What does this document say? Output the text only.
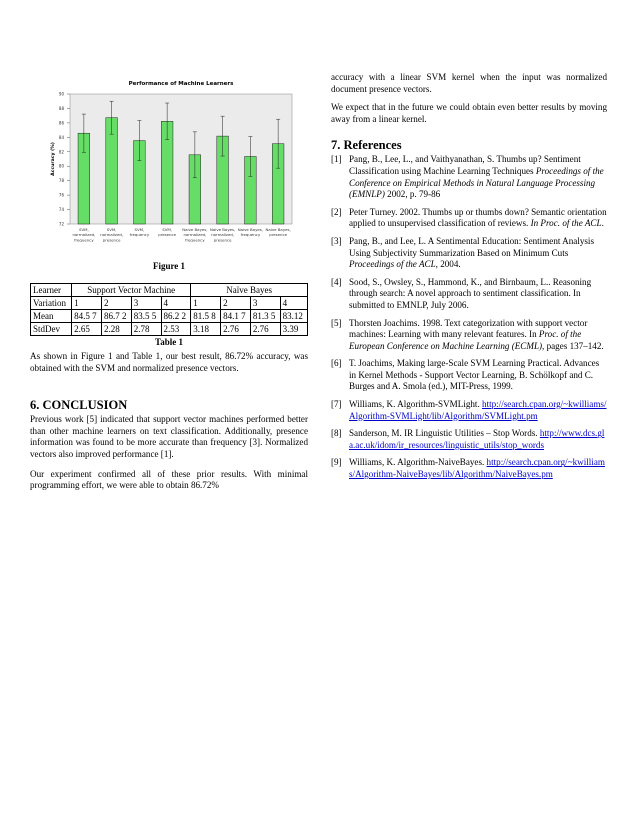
Performance of Machine Learners
72
74
76
78
80
82
84
86
88
90
Accuracy (%)
SVM,
normalized,
frequency
SVM,
normalized,
presence
SVM,
frequency
SVM,
presence
Naive Bayes,
normalized,
frequency
Naive Bayes,
normalized,
presence
Naive Bayes,
frequency
Naive Bayes,
presence
Figure 1
Learner	Support Vector Machine				Naïve Bayes			
Variation	1	2	3	4	1	2	3	4
Mean	84.5 7	86.7 2	83.5 5	86.2 2	81.5 8	84.1 7	81.3 5	83.12
StdDev	2.65	2.28	2.78	2.53	3.18	2.76	2.76	3.39
Table 1

As shown in Figure 1 and Table 1, our best result, 86.72% accuracy, was obtained with the SVM and normalized presence vectors.

6. CONCLUSION

Previous work [5] indicated that support vector machines performed better than other machine learners on text classification. Additionally, presence information was found to be more accurate than frequency [3]. Normalized vectors also improved performance [1].

Our experiment confirmed all of these prior results. With minimal programming effort, we were able to obtain 86.72%

accuracy with a linear SVM kernel when the input was normalized document presence vectors.

We expect that in the future we could obtain even better results by moving away from a linear kernel.

7. References
[1] Pang, B., Lee, L., and Vaithyanathan, S. Thumbs up? Sentiment Classification using Machine Learning Techniques Proceedings of the Conference on Empirical Methods in Natural Language Processing (EMNLP) 2002, p. 79-86
[2] Peter Turney. 2002. Thumbs up or thumbs down? Semantic orientation applied to unsupervised classification of reviews. In Proc. of the ACL.
[3] Pang, B., and Lee, L. A Sentimental Education: Sentiment Analysis Using Subjectivity Summarization Based on Minimum Cuts Proceedings of the ACL, 2004.
[4] Sood, S., Owsley, S., Hammond, K., and Birnbaum, L.. Reasoning through search: A novel approach to sentiment classification. In submitted to EMNLP, July 2006.
[5] Thorsten Joachims. 1998. Text categorization with support vector machines: Learning with many relevant features. In Proc. of the European Conference on Machine Learning (ECML), pages 137–142.
[6] T. Joachims, Making large-Scale SVM Learning Practical. Advances in Kernel Methods - Support Vector Learning, B. Schölkopf and C. Burges and A. Smola (ed.), MIT-Press, 1999.
[7] Williams, K. Algorithm-SVMLight. http://search.cpan.org/~kwilliams/Algorithm-SVMLight/lib/Algorithm/SVMLight.pm
[8] Sanderson, M. IR Linguistic Utilities – Stop Words. http://www.dcs.gla.ac.uk/idom/ir_resources/linguistic_utils/stop_words
[9] Williams, K. Algorithm-NaiveBayes. http://search.cpan.org/~kwilliams/Algorithm-NaiveBayes/lib/Algorithm/NaiveBayes.pm
